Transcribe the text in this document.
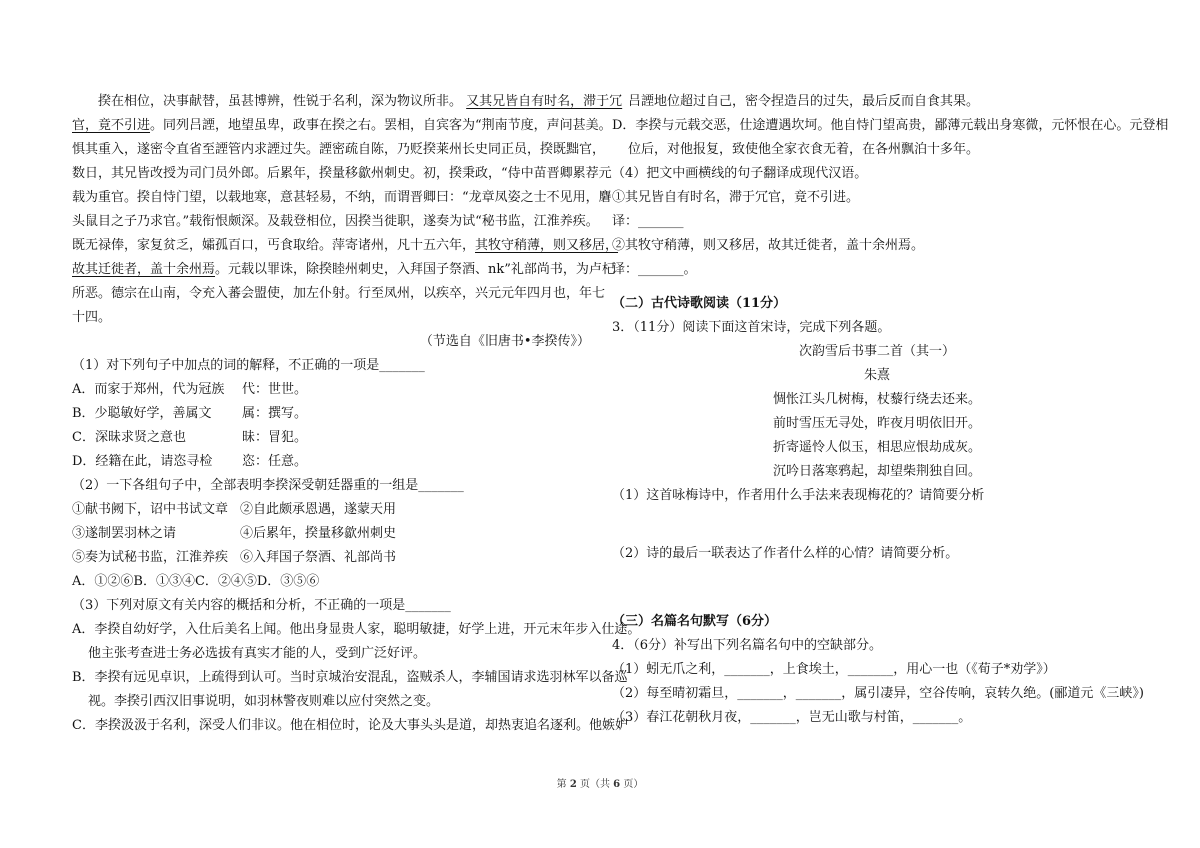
揆在相位，决事献替，虽甚博辨，性锐于名利，深为物议所非。 又其兄皆自有时名，滞于冗
官，竟不引进。同列吕諲，地望虽卑，政事在揆之右。罢相，自宾客为“荆南节度，声问甚美。
惧其重入，遂密令直省至諲管内求諲过失。諲密疏自陈，乃贬揆莱州长史同正员，揆既黜官，
数日，其兄皆改授为司门员外郎。后累年，揆量移歙州刺史。初，揆秉政，“侍中苗晋卿累荐元
载为重官。揆自恃门望，以载地寒，意甚轻易，不纳，而谓晋卿曰：“龙章凤姿之士不见用，麏
头鼠目之子乃求官。”载衔恨颇深。及载登相位，因揆当徙职，遂奏为试“秘书监，江淮养疾。
既无禄俸，家复贫乏，孀孤百口，丐食取给。萍寄诸州，凡十五六年，其牧守稍薄，则又移居，
故其迁徙者，盖十余州焉。元载以罪诛，除揆睦州刺史，入拜国子祭酒、nk”礼部尚书，为卢杞
所恶。德宗在山南，令充入蕃会盟使，加左仆射。行至凤州，以疾卒，兴元元年四月也，年七
十四。
（节选自《旧唐书•李揆传》）
（1）对下列句子中加点的词的解释，不正确的一项是_______
A．而家于郑州，代为冠族	代：世世。
B．少聪敏好学，善属文	属：撰写。
C．深昧求贤之意也	昧：冒犯。
D．经籍在此，请恣寻检	恣：任意。
（2）一下各组句子中，全部表明李揆深受朝廷器重的一组是_______
①献书阙下，诏中书试文章 ②自此颇承恩遇，遂蒙天用
③遂制罢羽林之请	④后累年，揆量移歙州刺史
⑤奏为试秘书监，江淮养疾 ⑥入拜国子祭酒、礼部尚书
A．①②⑥B．①③④C．②④⑤D．③⑤⑥
（3）下列对原文有关内容的概括和分析，不正确的一项是_______
A．李揆自幼好学，入仕后美名上闻。他出身显贵人家，聪明敏捷，好学上进，开元末年步入仕途。
他主张考查进士务必选拔有真实才能的人，受到广泛好评。
B．李揆有远见卓识，上疏得到认可。当时京城治安混乱，盗贼杀人，李辅国请求选羽林军以备巡
视。李揆引西汉旧事说明，如羽林警夜则难以应付突然之变。
C．李揆汲汲于名利，深受人们非议。他在相位时，论及大事头头是道，却热衷追名逐利。他嫉妒
吕諲地位超过自己，密令捏造吕的过失，最后反而自食其果。
D．李揆与元载交恶，仕途遭遇坎坷。他自恃门望高贵，鄙薄元载出身寒微，元怀恨在心。元登相
位后，对他报复，致使他全家衣食无着，在各州飘泊十多年。
（4）把文中画横线的句子翻译成现代汉语。
①其兄皆自有时名，滞于冗官，竟不引进。
译：_______
②其牧守稍薄，则又移居，故其迁徙者，盖十余州焉。
译：_______。
（二）古代诗歌阅读（11分）
3．（11分）阅读下面这首宋诗，完成下列各题。
次韵雪后书事二首（其一）
朱熹
惆怅江头几树梅，杖藜行绕去还来。
前时雪压无寻处，昨夜月明依旧开。
折寄遥怜人似玉，相思应恨劫成灰。
沉吟日落寒鸦起，却望柴荆独自回。
（1）这首咏梅诗中，作者用什么手法来表现梅花的？请简要分析
（2）诗的最后一联表达了作者什么样的心情？请简要分析。
（三）名篇名句默写（6分）
4．（6分）补写出下列名篇名句中的空缺部分。
（1）蚓无爪之利，_______，上食埃土，_______，用心一也（《荀子*劝学》）
（2）每至晴初霜旦，_______，_______，属引凄异，空谷传响，哀转久绝。(郦道元《三峡》)
（3）春江花朝秋月夜，_______，岂无山歌与村笛，_______。
第 2 页（共 6 页）
